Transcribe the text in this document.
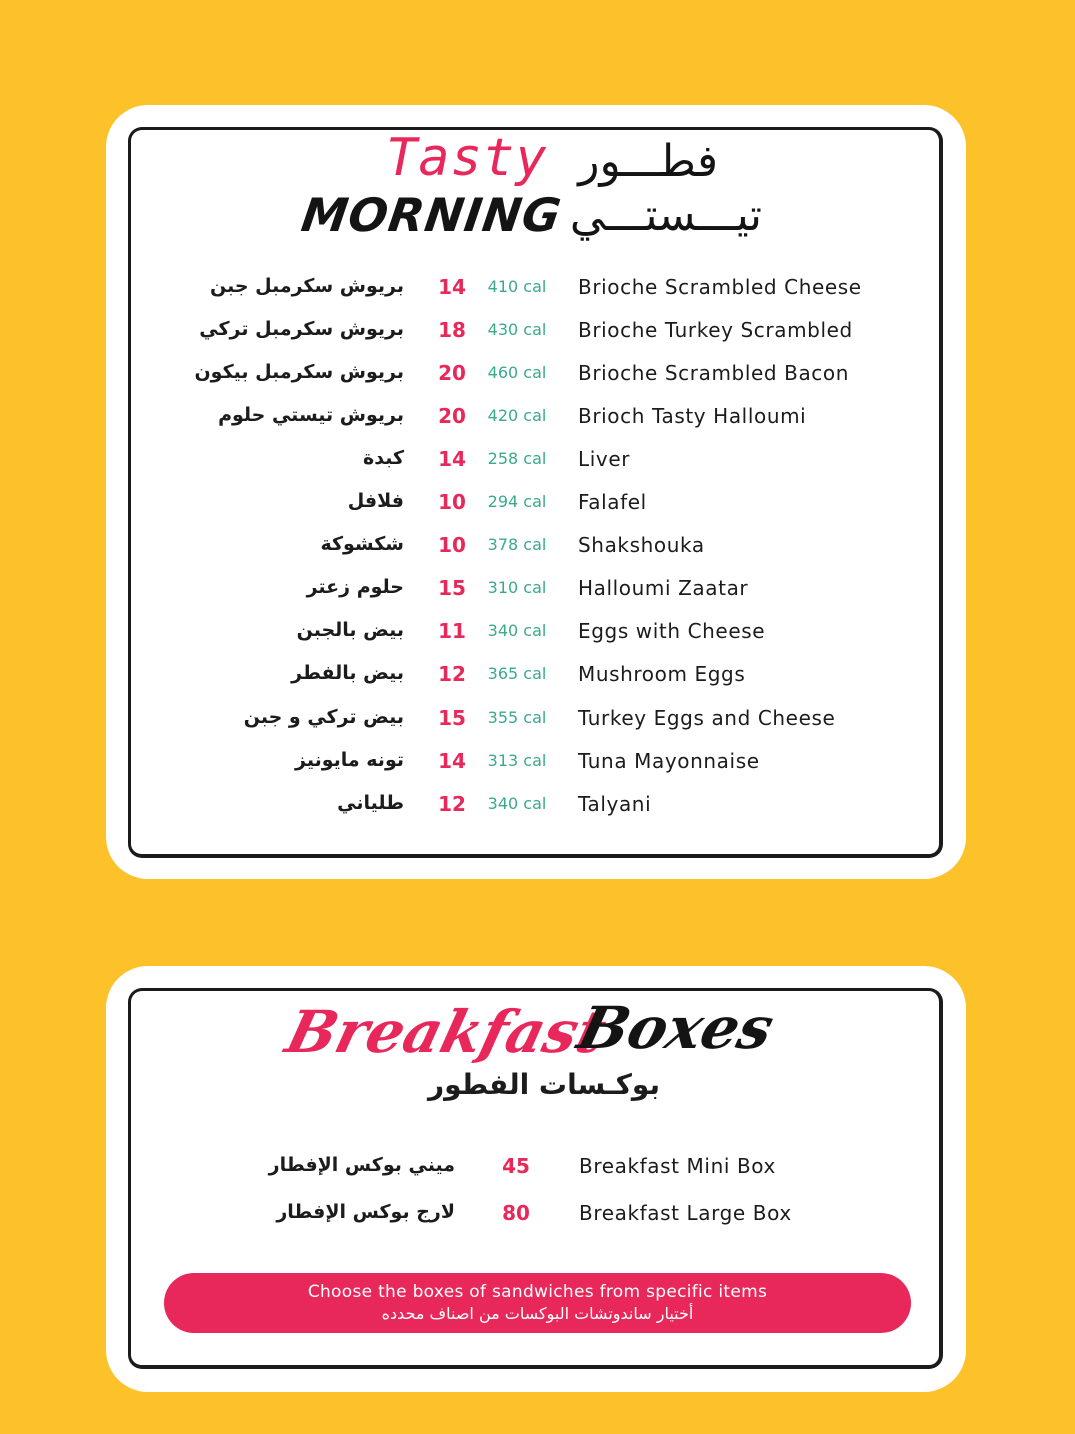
Tasty
MORNING
فطـــور
تيـــستـــي
بريوش سكرمبل جبن	14	410 cal	Brioche Scrambled Cheese
بريوش سكرمبل تركي	18	430 cal	Brioche Turkey Scrambled
بريوش سكرمبل بيكون	20	460 cal	Brioche Scrambled Bacon
بريوش تيستي حلوم	20	420 cal	Brioch Tasty Halloumi
كبدة	14	258 cal	Liver
فلافل	10	294 cal	Falafel
شكشوكة	10	378 cal	Shakshouka
حلوم زعتر	15	310 cal	Halloumi Zaatar
بيض بالجبن	11	340 cal	Eggs with Cheese
بيض بالفطر	12	365 cal	Mushroom Eggs
بيض تركي و جبن	15	355 cal	Turkey Eggs and Cheese
تونه مايونيز	14	313 cal	Tuna Mayonnaise
طلياني	12	340 cal	Talyani
Breakfast
Boxes
بوكـسات الفطور
ميني بوكس الإفطار	45	Breakfast Mini Box
لارج بوكس الإفطار	80	Breakfast Large Box
Choose the boxes of sandwiches from specific items
أختيار ساندوتشات البوكسات من اصناف محدده
